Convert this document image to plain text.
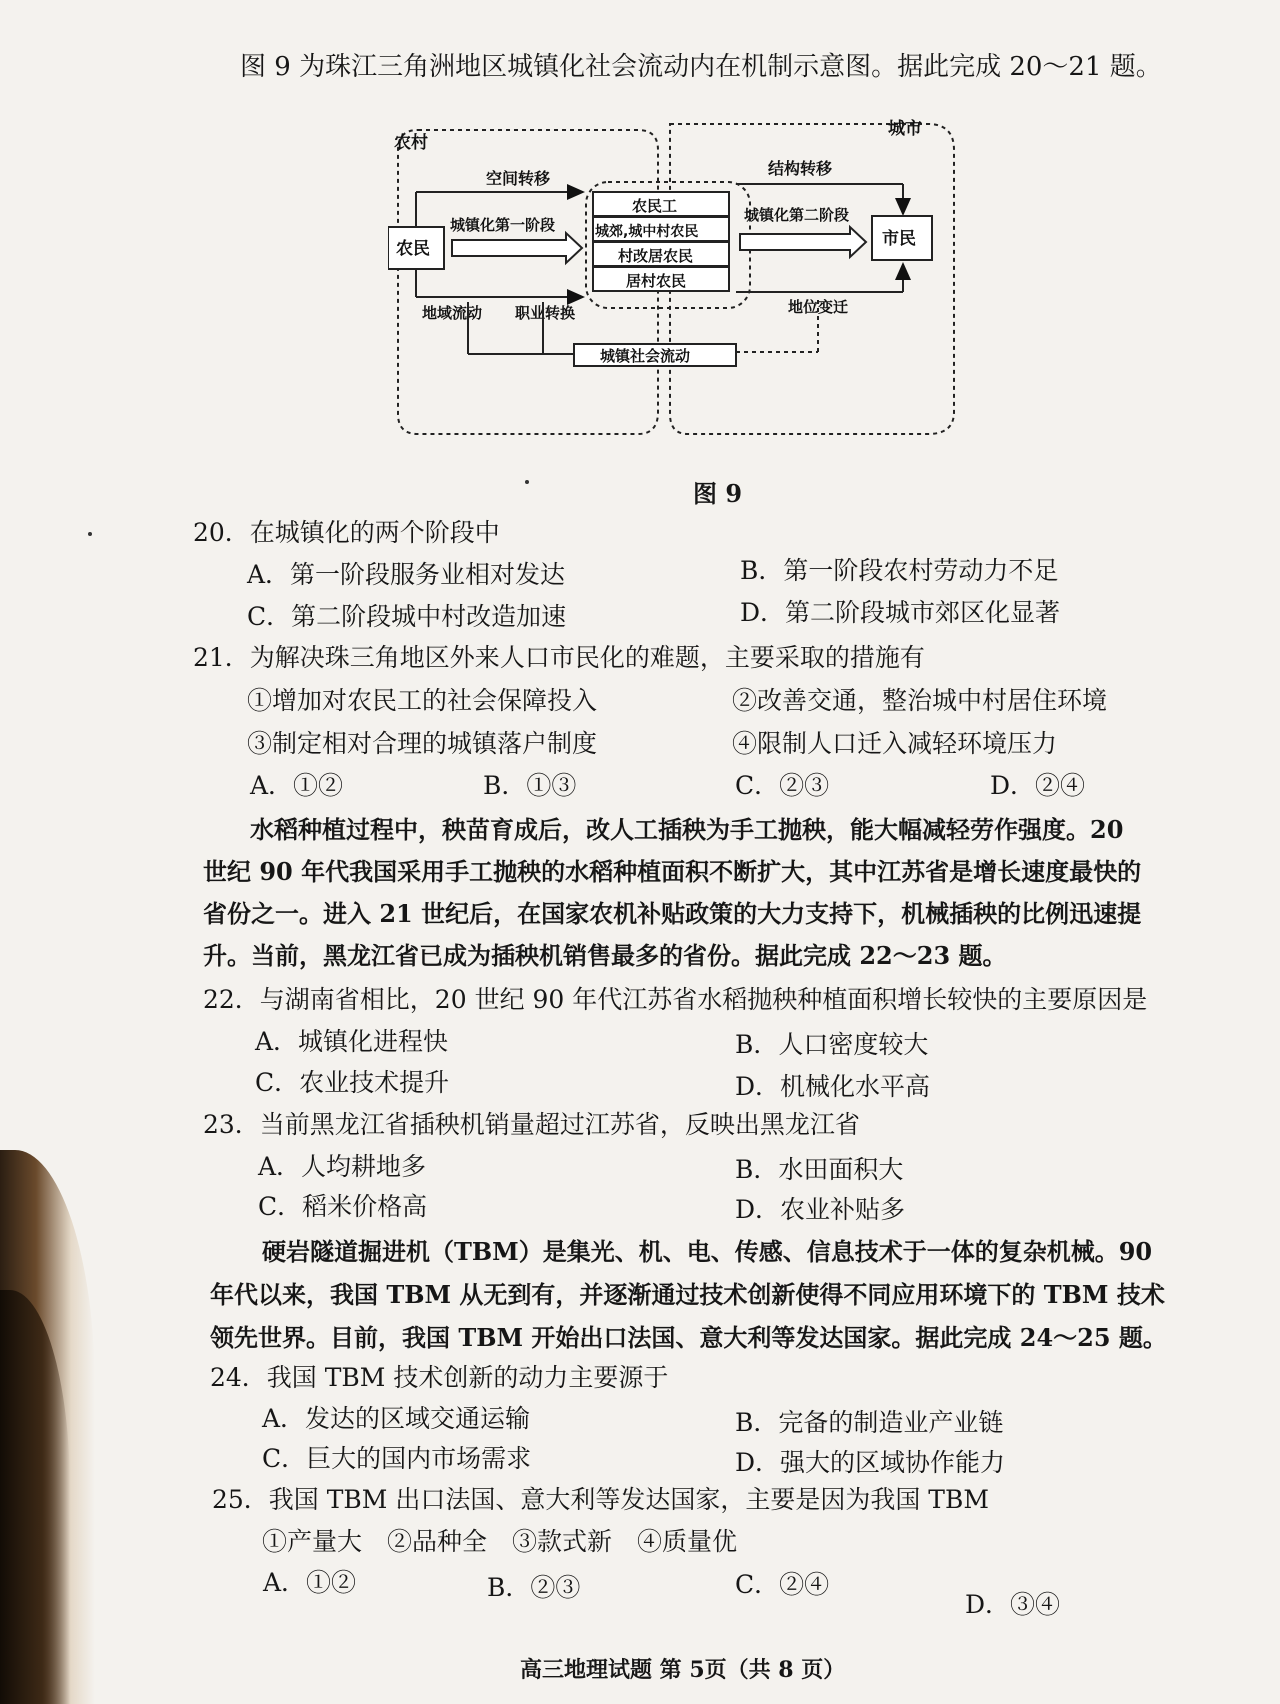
图 9 为珠江三角洲地区城镇化社会流动内在机制示意图。据此完成 20～21 题。
农村
城市
农民
空间转移
城镇化第一阶段
地域流动 职业转换
农民工
城郊,城中村农民
村改居农民
居村农民
结构转移
城镇化第二阶段
市民
地位变迁
城镇社会流动
图 9
20．在城镇化的两个阶段中
A．第一阶段服务业相对发达	B．第一阶段农村劳动力不足
C．第二阶段城中村改造加速	D．第二阶段城市郊区化显著
21．为解决珠三角地区外来人口市民化的难题，主要采取的措施有
①增加对农民工的社会保障投入	②改善交通，整治城中村居住环境
③制定相对合理的城镇落户制度	④限制人口迁入减轻环境压力
A．①②	B．①③	C．②③	D．②④
水稻种植过程中，秧苗育成后，改人工插秧为手工抛秧，能大幅减轻劳作强度。20
世纪 90 年代我国采用手工抛秧的水稻种植面积不断扩大，其中江苏省是增长速度最快的
省份之一。进入 21 世纪后，在国家农机补贴政策的大力支持下，机械插秧的比例迅速提
升。当前，黑龙江省已成为插秧机销售最多的省份。据此完成 22～23 题。
22．与湖南省相比，20 世纪 90 年代江苏省水稻抛秧种植面积增长较快的主要原因是
A．城镇化进程快	B．人口密度较大
C．农业技术提升	D．机械化水平高
23．当前黑龙江省插秧机销量超过江苏省，反映出黑龙江省
A．人均耕地多	B．水田面积大
C．稻米价格高	D．农业补贴多
硬岩隧道掘进机（TBM）是集光、机、电、传感、信息技术于一体的复杂机械。90
年代以来，我国 TBM 从无到有，并逐渐通过技术创新使得不同应用环境下的 TBM 技术
领先世界。目前，我国 TBM 开始出口法国、意大利等发达国家。据此完成 24～25 题。
24．我国 TBM 技术创新的动力主要源于
A．发达的区域交通运输	B．完备的制造业产业链
C．巨大的国内市场需求	D．强大的区域协作能力
25．我国 TBM 出口法国、意大利等发达国家，主要是因为我国 TBM
①产量大　②品种全　③款式新　④质量优
A．①②	B．②③	C．②④
D．③④
高三地理试题 第 5页（共 8 页）
